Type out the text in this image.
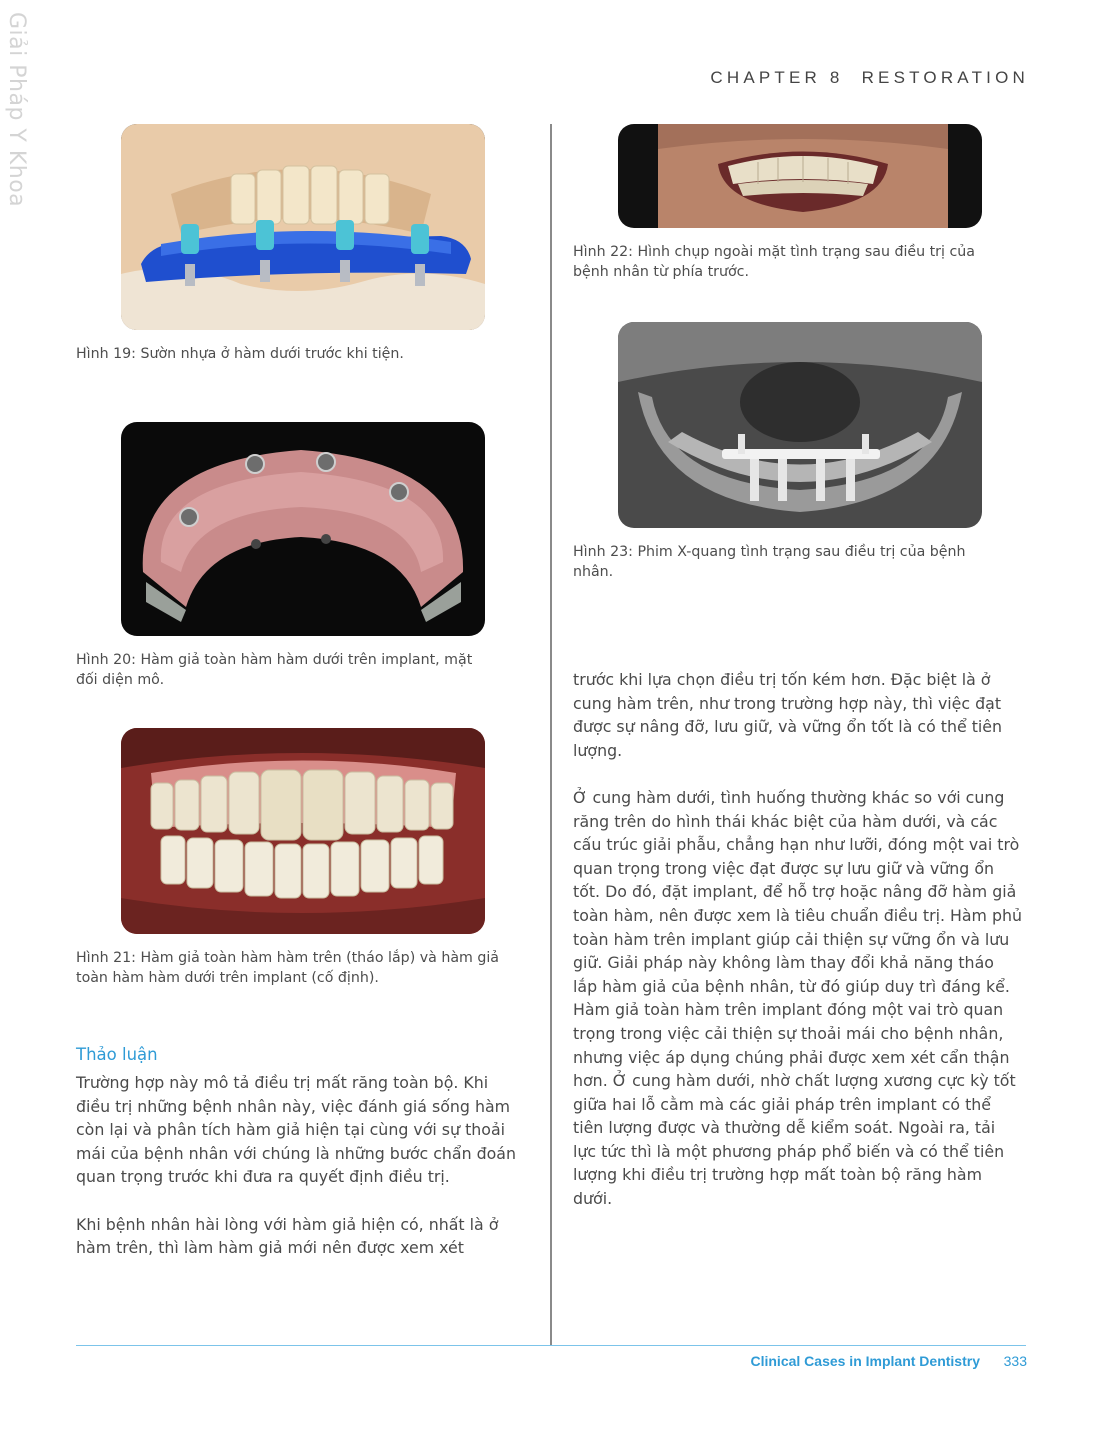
Giải Pháp Y Khoa	CHAPTER 8 RESTORATION
Hình 19: Sườn nhựa ở hàm dưới trước khi tiện.
Hình 20: Hàm giả toàn hàm hàm dưới trên implant, mặt đối diện mô.
Hình 21: Hàm giả toàn hàm hàm trên (tháo lắp) và hàm giả toàn hàm hàm dưới trên implant (cố định).
Hình 22: Hình chụp ngoài mặt tình trạng sau điều trị của bệnh nhân từ phía trước.
Hình 23: Phim X-quang tình trạng sau điều trị của bệnh nhân.
Thảo luận

Trường hợp này mô tả điều trị mất răng toàn bộ. Khi điều trị những bệnh nhân này, việc đánh giá sống hàm còn lại và phân tích hàm giả hiện tại cùng với sự thoải mái của bệnh nhân với chúng là những bước chẩn đoán quan trọng trước khi đưa ra quyết định điều trị.

Khi bệnh nhân hài lòng với hàm giả hiện có, nhất là ở hàm trên, thì làm hàm giả mới nên được xem xét

trước khi lựa chọn điều trị tốn kém hơn. Đặc biệt là ở cung hàm trên, như trong trường hợp này, thì việc đạt được sự nâng đỡ, lưu giữ, và vững ổn tốt là có thể tiên lượng.

Ở cung hàm dưới, tình huống thường khác so với cung răng trên do hình thái khác biệt của hàm dưới, và các cấu trúc giải phẫu, chẳng hạn như lưỡi, đóng một vai trò quan trọng trong việc đạt được sự lưu giữ và vững ổn tốt. Do đó, đặt implant, để hỗ trợ hoặc nâng đỡ hàm giả toàn hàm, nên được xem là tiêu chuẩn điều trị. Hàm phủ toàn hàm trên implant giúp cải thiện sự vững ổn và lưu giữ. Giải pháp này không làm thay đổi khả năng tháo lắp hàm giả của bệnh nhân, từ đó giúp duy trì đáng kể. Hàm giả toàn hàm trên implant đóng một vai trò quan trọng trong việc cải thiện sự thoải mái cho bệnh nhân, nhưng việc áp dụng chúng phải được xem xét cẩn thận hơn. Ở cung hàm dưới, nhờ chất lượng xương cực kỳ tốt giữa hai lỗ cằm mà các giải pháp trên implant có thể tiên lượng được và thường dễ kiểm soát. Ngoài ra, tải lực tức thì là một phương pháp phổ biến và có thể tiên lượng khi điều trị trường hợp mất toàn bộ răng hàm dưới.

Clinical Cases in Implant Dentistry 333
